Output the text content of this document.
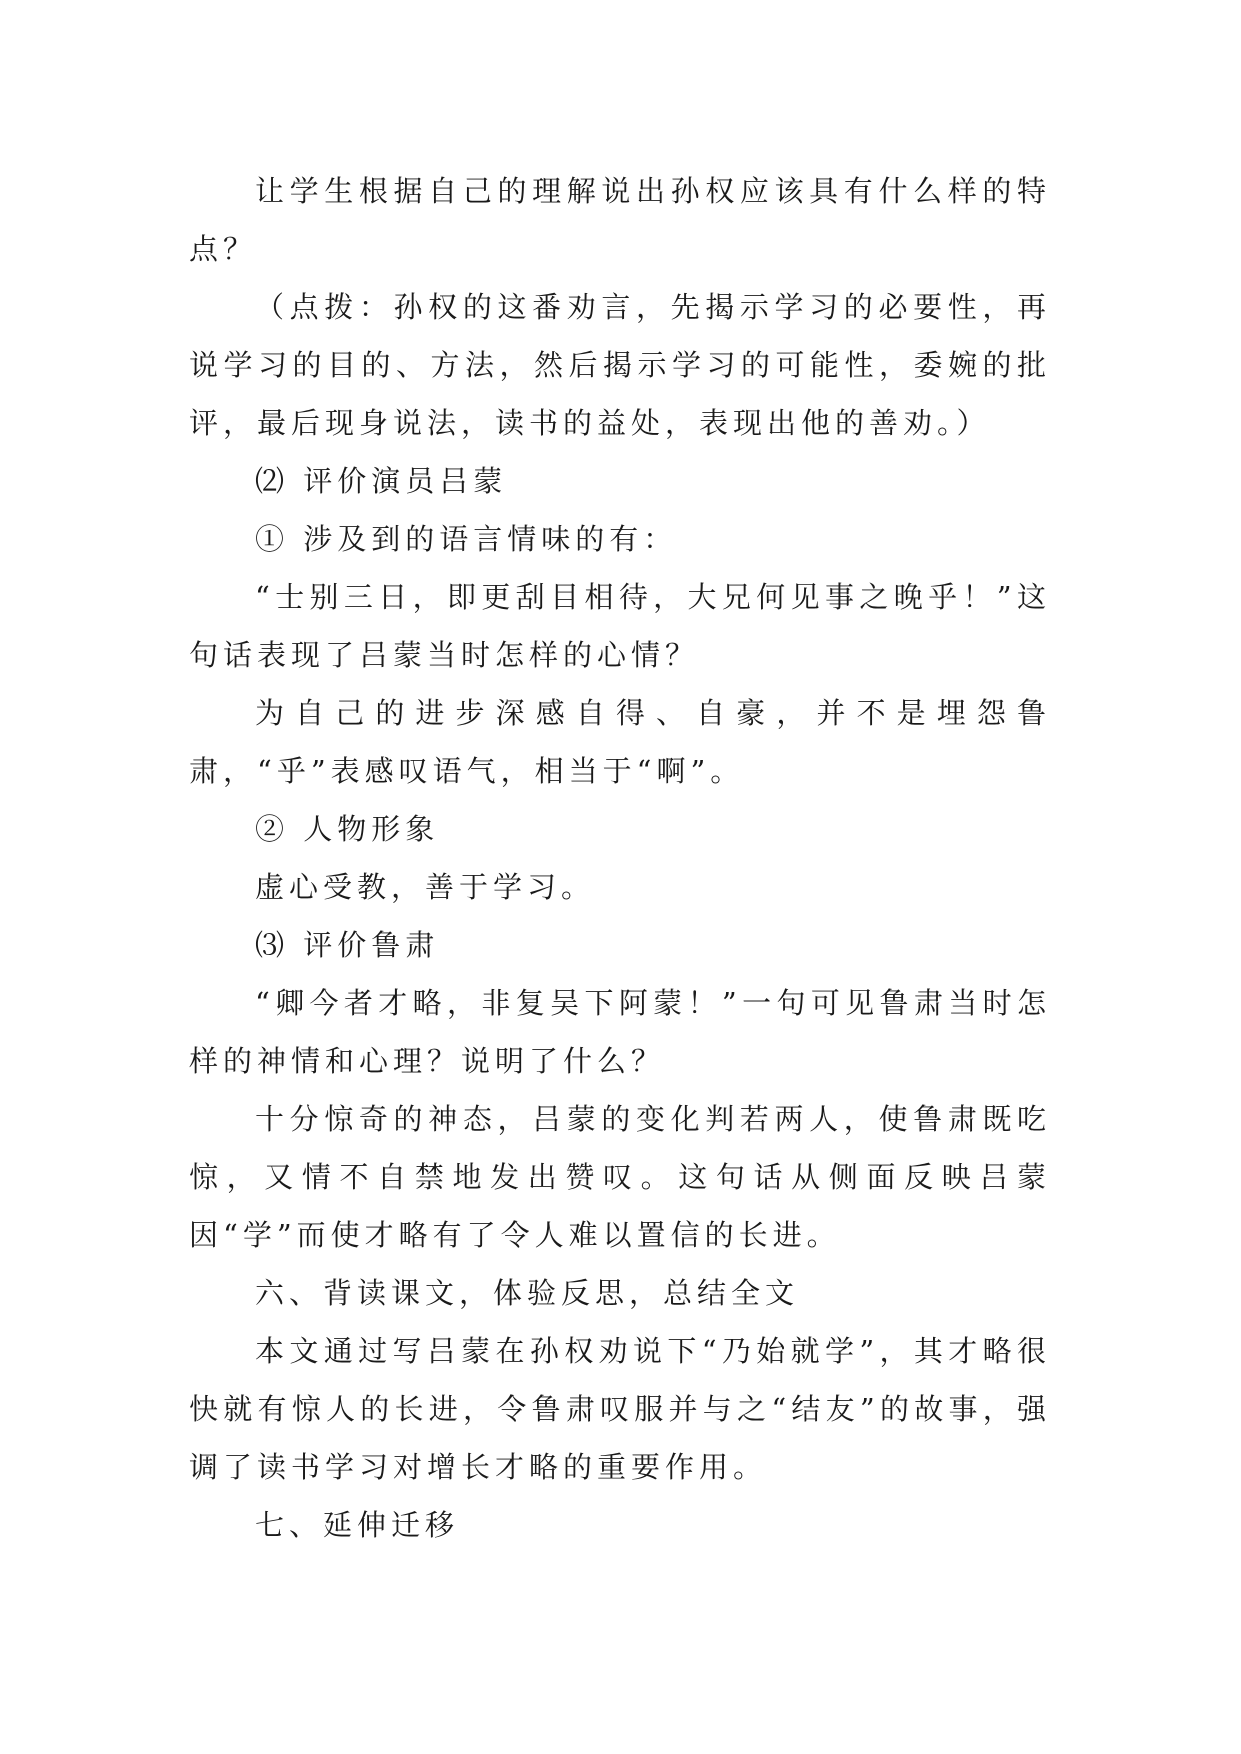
让学生根据自己的理解说出孙权应该具有什么样的特点？

（点拨：孙权的这番劝言，先揭示学习的必要性，再说学习的目的、方法，然后揭示学习的可能性，委婉的批评，最后现身说法，读书的益处，表现出他的善劝。）

⑵ 评价演员吕蒙

① 涉及到的语言情味的有：

“士别三日，即更刮目相待，大兄何见事之晚乎！”这句话表现了吕蒙当时怎样的心情？

为自己的进步深感自得、自豪，并不是埋怨鲁肃，“乎”表感叹语气，相当于“啊”。

② 人物形象

虚心受教，善于学习。

⑶ 评价鲁肃

“卿今者才略，非复吴下阿蒙！”一句可见鲁肃当时怎样的神情和心理？说明了什么？

十分惊奇的神态，吕蒙的变化判若两人，使鲁肃既吃惊，又情不自禁地发出赞叹。这句话从侧面反映吕蒙因“学”而使才略有了令人难以置信的长进。

六、背读课文，体验反思，总结全文

本文通过写吕蒙在孙权劝说下“乃始就学”，其才略很快就有惊人的长进，令鲁肃叹服并与之“结友”的故事，强调了读书学习对增长才略的重要作用。

七、延伸迁移
